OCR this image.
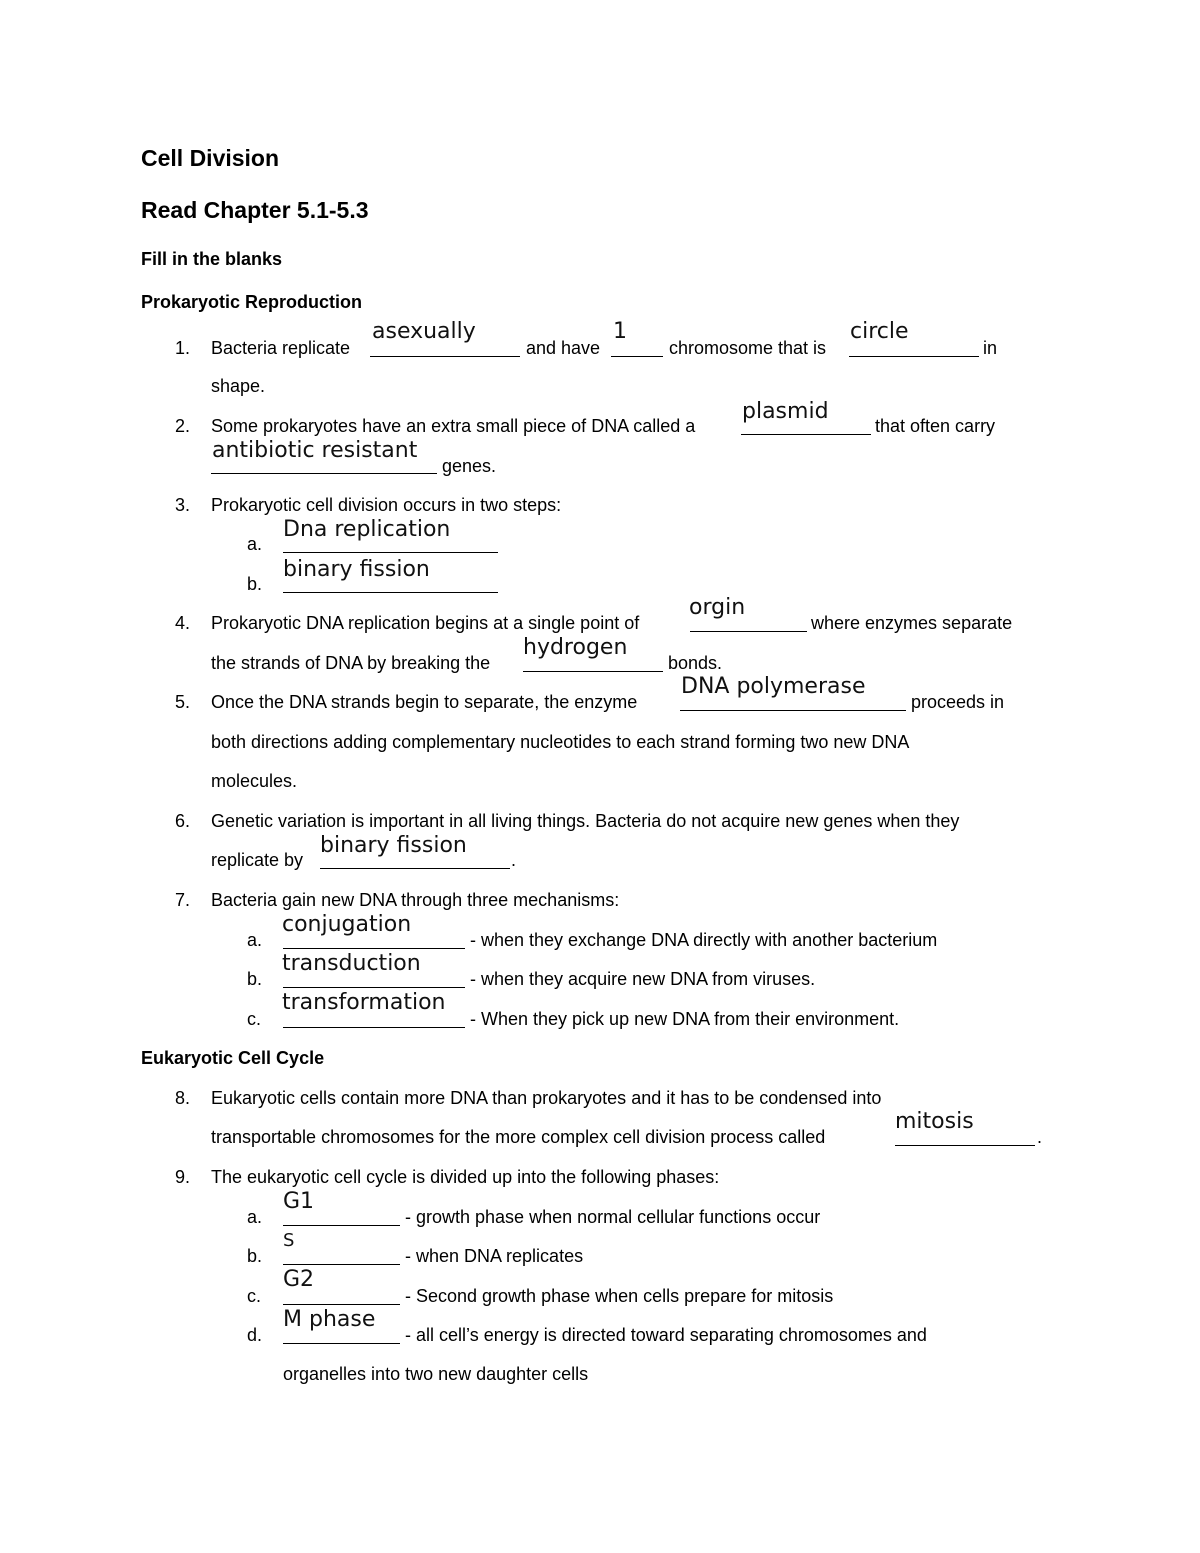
Cell Division
Read Chapter 5.1-5.3
Fill in the blanks
Prokaryotic Reproduction
1. Bacteria replicate
asexually
and have
1
chromosome that is
circle
in
shape.
2. Some prokaryotes have an extra small piece of DNA called a
plasmid
that often carry
antibiotic resistant
genes.
3. Prokaryotic cell division occurs in two steps:
a.
Dna replication
b.
binary fission
4. Prokaryotic DNA replication begins at a single point of
orgin
where enzymes separate
the strands of DNA by breaking the
hydrogen
bonds.
5. Once the DNA strands begin to separate, the enzyme
DNA polymerase
proceeds in
both directions adding complementary nucleotides to each strand forming two new DNA
molecules.
6. Genetic variation is important in all living things. Bacteria do not acquire new genes when they
replicate by
binary fission
.
7. Bacteria gain new DNA through three mechanisms:
a.
conjugation
- when they exchange DNA directly with another bacterium
b.
transduction
- when they acquire new DNA from viruses.
c.
transformation
- When they pick up new DNA from their environment.
Eukaryotic Cell Cycle
8. Eukaryotic cells contain more DNA than prokaryotes and it has to be condensed into
transportable chromosomes for the more complex cell division process called
mitosis
.
9. The eukaryotic cell cycle is divided up into the following phases:
a.
G1
- growth phase when normal cellular functions occur
b.
S
- when DNA replicates
c.
G2
- Second growth phase when cells prepare for mitosis
d.
M phase
- all cell’s energy is directed toward separating chromosomes and
organelles into two new daughter cells
